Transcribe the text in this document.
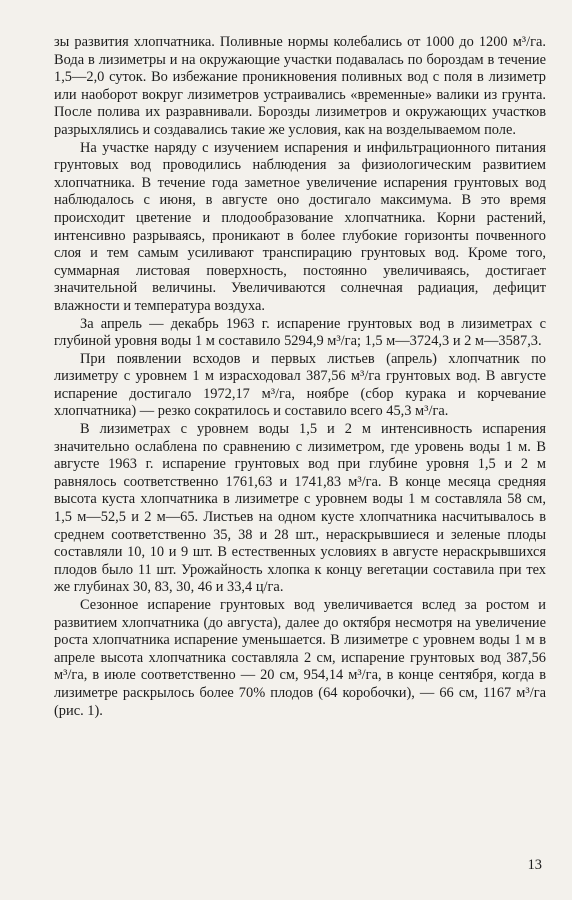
зы развития хлопчатника. Поливные нормы колебались от 1000 до 1200 м³/га. Вода в лизиметры и на окружающие участки подавалась по бороздам в течение 1,5—2,0 суток. Во избежание проникновения поливных вод с поля в лизиметр или наоборот вокруг лизиметров устраивались «временные» валики из грунта. После полива их разравнивали. Борозды лизиметров и окружающих участков разрыхлялись и создавались такие же условия, как на возделываемом поле.

На участке наряду с изучением испарения и инфильтрационного питания грунтовых вод проводились наблюдения за физиологическим развитием хлопчатника. В течение года заметное увеличение испарения грунтовых вод наблюдалось с июня, в августе оно достигало максимума. В это время происходит цветение и плодообразование хлопчатника. Корни растений, интенсивно разрываясь, проникают в более глубокие горизонты почвенного слоя и тем самым усиливают транспирацию грунтовых вод. Кроме того, суммарная листовая поверхность, постоянно увеличиваясь, достигает значительной величины. Увеличиваются солнечная радиация, дефицит влажности и температура воздуха.

За апрель — декабрь 1963 г. испарение грунтовых вод в лизиметрах с глубиной уровня воды 1 м составило 5294,9 м³/га; 1,5 м—3724,3 и 2 м—3587,3.

При появлении всходов и первых листьев (апрель) хлопчатник по лизиметру с уровнем 1 м израсходовал 387,56 м³/га грунтовых вод. В августе испарение достигало 1972,17 м³/га, ноябре (сбор курака и корчевание хлопчатника) — резко сократилось и составило всего 45,3 м³/га.

В лизиметрах с уровнем воды 1,5 и 2 м интенсивность испарения значительно ослаблена по сравнению с лизиметром, где уровень воды 1 м. В августе 1963 г. испарение грунтовых вод при глубине уровня 1,5 и 2 м равнялось соответственно 1761,63 и 1741,83 м³/га. В конце месяца средняя высота куста хлопчатника в лизиметре с уровнем воды 1 м составляла 58 см, 1,5 м—52,5 и 2 м—65. Листьев на одном кусте хлопчатника насчитывалось в среднем соответственно 35, 38 и 28 шт., нераскрывшиеся и зеленые плоды составляли 10, 10 и 9 шт. В естественных условиях в августе нераскрывшихся плодов было 11 шт. Урожайность хлопка к концу вегетации составила при тех же глубинах 30, 83, 30, 46 и 33,4 ц/га.

Сезонное испарение грунтовых вод увеличивается вслед за ростом и развитием хлопчатника (до августа), далее до октября несмотря на увеличение роста хлопчатника испарение уменьшается. В лизиметре с уровнем воды 1 м в апреле высота хлопчатника составляла 2 см, испарение грунтовых вод 387,56 м³/га, в июле соответственно — 20 см, 954,14 м³/га, в конце сентября, когда в лизиметре раскрылось более 70% плодов (64 коробочки), — 66 см, 1167 м³/га (рис. 1).

13
